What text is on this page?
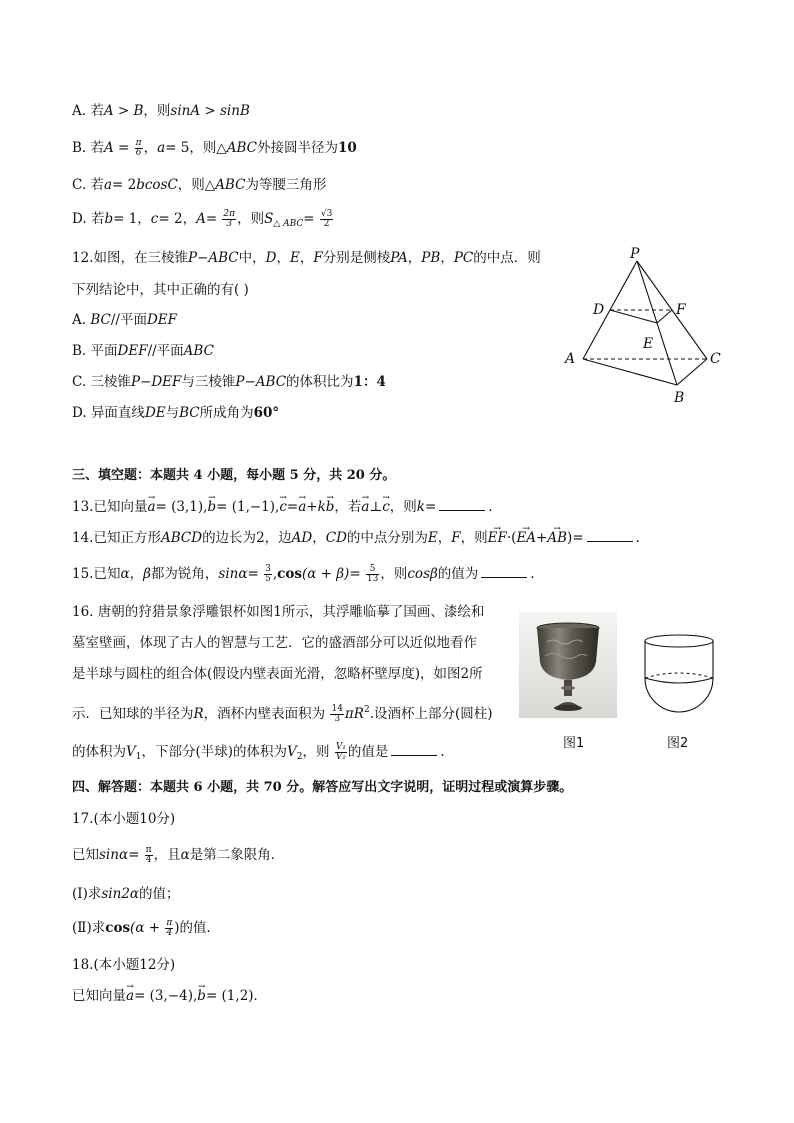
A. 若A > B，则sinA > sinB
B. 若$A = \frac{\pi}{6}$ ，a= 5，则△ABC外接圆半径为10
C. 若a= 2bcosC，则△ABC为等腰三角形
D. 若b= 1，c= 2，$A= \frac{2\pi}{3}$ ，则$S_{\triangle ABC}= \frac{√3}{2}$
12.如图，在三棱锥P−ABC中，D，E，F分别是侧棱PA，PB，PC的中点．则
下列结论中，其中正确的有( )
A. BC//平面DEF
B. 平面DEF//平面ABC
C. 三棱锥P−DEF与三棱锥P−ABC的体积比为1：4
D. 异面直线DE与BC所成角为60°
P
D	F
E
A	C
B
三、填空题：本题共 4 小题，每小题 5 分，共 20 分。
13.已知向量→ a= (3,1),→ b= (1,−1),→ c=→ a+k→ b，若→ a⊥→ c，则k=	.
14.已知正方形ABCD的边长为2，边AD，CD的中点分别为E，F，则→ EF·(→ EA+→ AB)=	.
15.已知α，β都为锐角，$\sin\alpha= \frac{3}{5} ,\cos(\alpha + \beta)= \frac{5}{13}$ ，则cosβ的值为	.
16. 唐朝的狩猎景象浮雕银杯如图1所示，其浮雕临摹了国画、漆绘和
墓室壁画，体现了古人的智慧与工艺．它的盛酒部分可以近似地看作
是半球与圆柱的组合体(假设内壁表面光滑，忽略杯壁厚度)，如图2所
示．已知球的半径为R，酒杯内壁表面积为 $\frac{14}{3} \pi R^2$.设酒杯上部分(圆柱)
的体积为$V_1$，下部分(半球)的体积为$V_2$，则 $\frac{\text{V₁}}{\text{V₂}}$ 的值是	.
图1	图2
四、解答题：本题共 6 小题，共 70 分。解答应写出文字说明，证明过程或演算步骤。
17.(本小题10分)
已知$\sin\alpha= \frac{\pi}{4}$ ，且α是第二象限角．
(Ⅰ)求sin2α的值；
(Ⅱ)求$\cos(\alpha + \frac{\pi}{4}$ )的值．
18.(本小题12分)
已知向量→ a= (3,−4),→ b= (1,2)．
